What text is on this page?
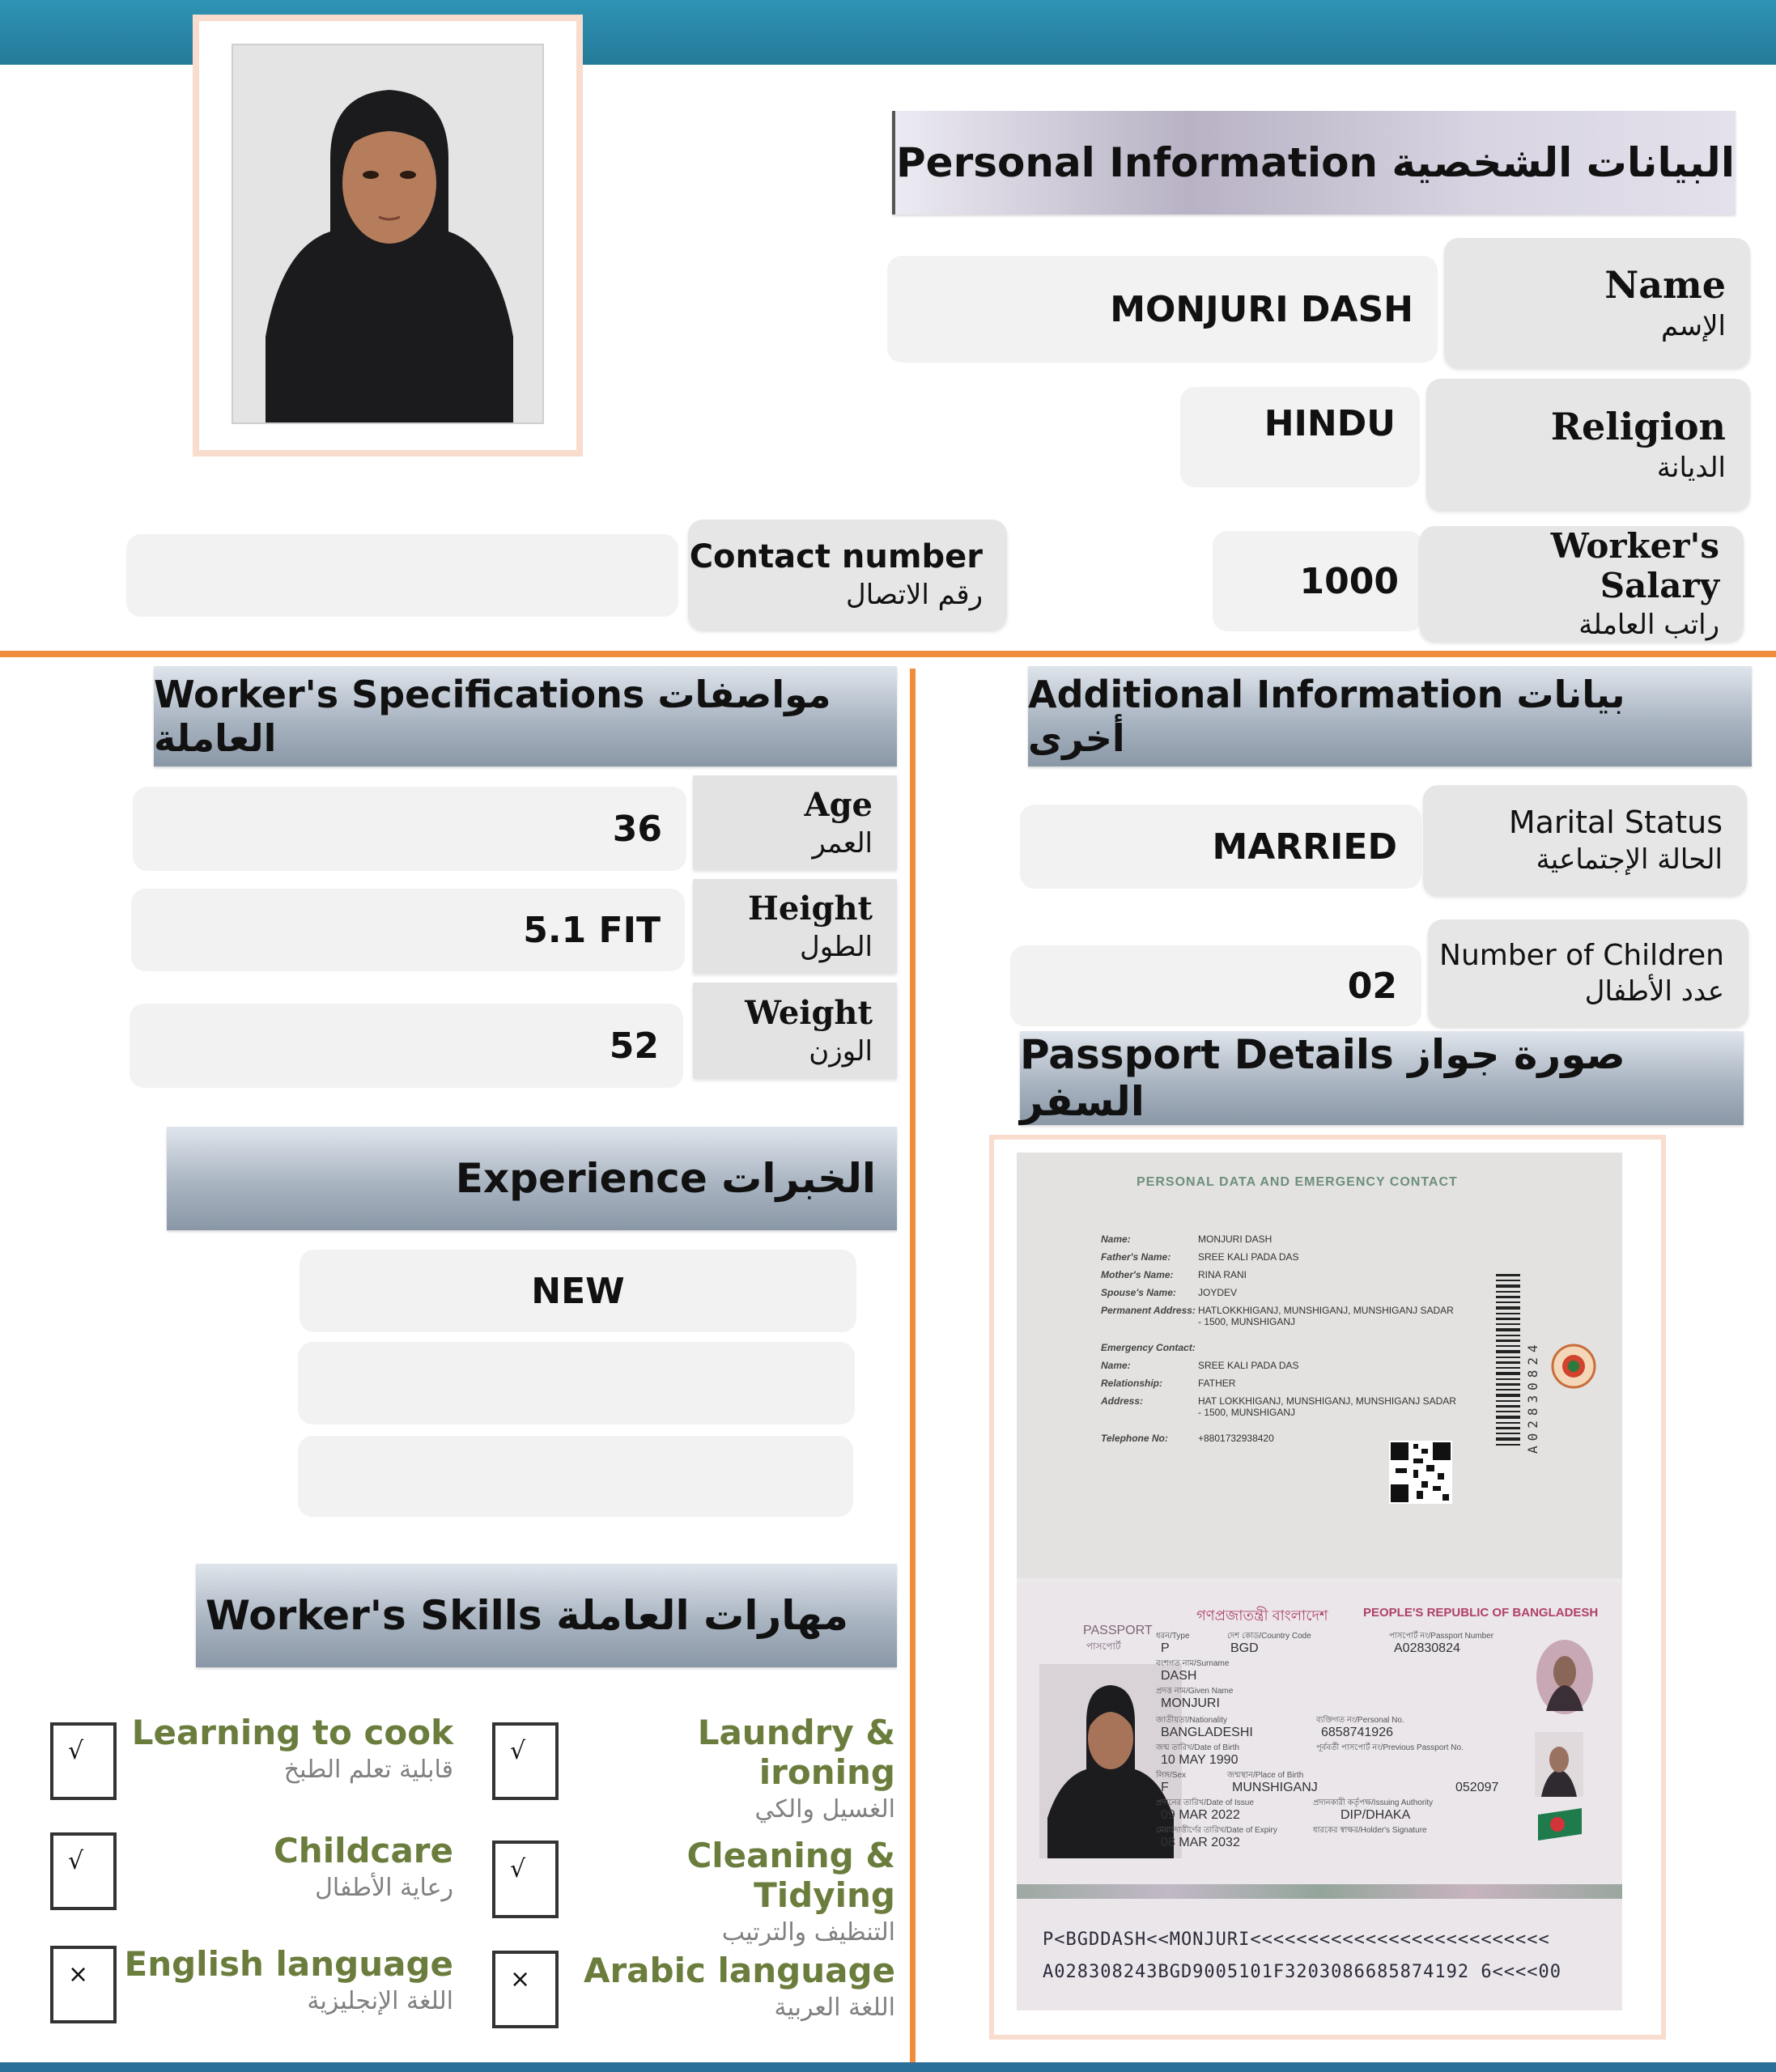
Personal Information البيانات الشخصية
MONJURI DASH
Name
الإسم
HINDU	Religion
الديانة
1000
Worker's Salary
راتب العاملة
Contact number
رقم الاتصال
Worker's Specifications مواصفات العاملة
36
Age
العمر
5.1 FIT
Height
الطول
52
Weight
الوزن
Additional Information بيانات أخرى
MARRIED
Marital Status
الحالة الإجتماعية
02
Number of Children
عدد الأطفال
Passport Details صورة جواز السفر
PERSONAL DATA AND EMERGENCY CONTACT
Name:	MONJURI DASH
Father's Name:	SREE KALI PADA DAS
Mother's Name:	RINA RANI
Spouse's Name:	JOYDEV
Permanent Address: HATLOKKHIGANJ, MUNSHIGANJ, MUNSHIGANJ SADAR - 1500, MUNSHIGANJ
Emergency Contact:
Name:	SREE KALI PADA DAS
Relationship:	FATHER
Address:	HAT LOKKHIGANJ, MUNSHIGANJ, MUNSHIGANJ SADAR - 1500, MUNSHIGANJ
Telephone No:	+8801732938420	A02830824
PASSPORT
পাসপোর্ট
গণপ্রজাতন্ত্রী বাংলাদেশ	PEOPLE'S REPUBLIC OF BANGLADESH
ধরন/Type
P
দেশ কোড/Country Code
BGD
পাসপোর্ট নং/Passport Number
A02830824
বংশগত নাম/Surname
DASH
প্রদত্ত নাম/Given Name
MONJURI
জাতীয়তা/Nationality
BANGLADESHI
ব্যক্তিগত নং/Personal No.
6858741926
জন্ম তারিখ/Date of Birth
10 MAY 1990
পূর্ববর্তী পাসপোর্ট নং/Previous Passport No.
লিঙ্গ/Sex
F
জন্মস্থান/Place of Birth
MUNSHIGANJ	052097
প্রদানের তারিখ/Date of Issue
09 MAR 2022
প্রদানকারী কর্তৃপক্ষ/Issuing Authority
DIP/DHAKA
মেয়াদোত্তীর্ণের তারিখ/Date of Expiry
08 MAR 2032
ধারকের স্বাক্ষর/Holder's Signature
P<BGDDASH<<MONJURI<<<<<<<<<<<<<<<<<<<<<<<<<<
A028308243BGD9005101F3203086685874192 6<<<<00
Experience الخبرات
NEW
Worker's Skills مهارات العاملة
√	Learning to cook
قابلية تعلم الطبخ
√	Laundry & ironing
الغسيل والكي
√	Childcare
رعاية الأطفال
√	Cleaning & Tidying
التنظيف والترتيب
×	English language
اللغة الإنجليزية
×	Arabic language
اللغة العربية
